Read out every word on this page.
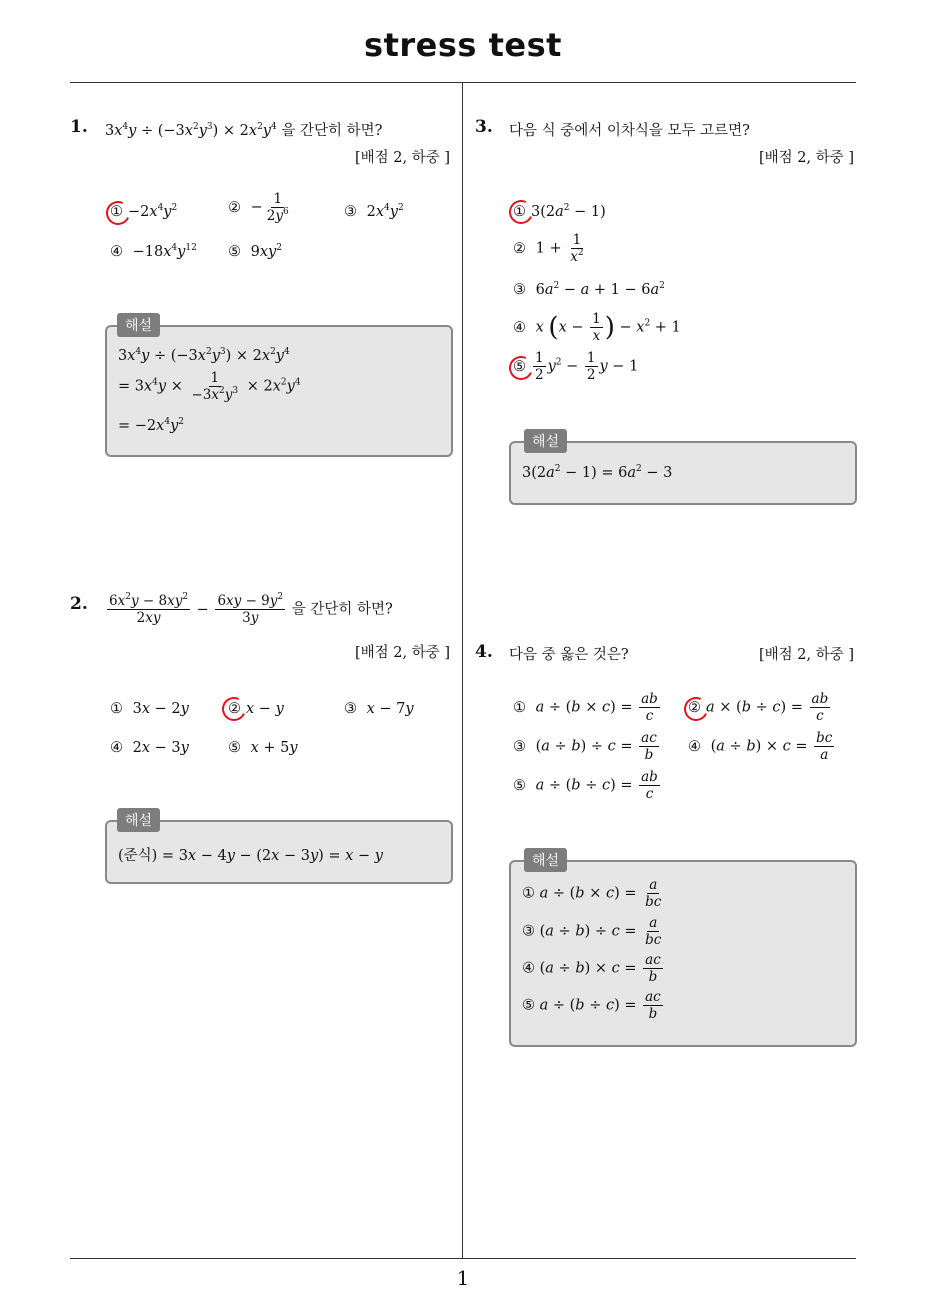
stress test
1
1. $3x^4y \div (-3x^2y^3) \times 2x^2y^4$ 을 간단히 하면?
[배점 2, 하중 ]
① $-2x^4y^2$	② − $\frac{1}{2y^6}$	③ $2x^4y^2$
④ $-18x^4y^{12}$ ⑤ $9xy^2$
해설
$3x^4y \div (-3x^2y^3) \times 2x^2y^4$
= $3x^4y \times \frac{1}{-3x^2y^3} \times 2x^2y^4$
= $-2x^4y^2$
2. $\frac{6x^2y - 8xy^2}{2xy} - \frac{6xy - 9y^2}{3y}$ 을 간단히 하면?
[배점 2, 하중 ]
① 3x − 2y	② x − y	③ x − 7y
④ 2x − 3y	⑤ x + 5y
해설
(준식) = 3x − 4y − (2x − 3y) = x − y
3. 다음 식 중에서 이차식을 모두 고르면?
[배점 2, 하중 ]
① $3(2a^2 - 1)$
② $1 + \frac{1}{x^2}$
③ $6a^2 - a + 1 - 6a^2$
④ x ($x - \frac{1}{x}$ ) − $x^2 + 1$
⑤ $\frac{1}{2} y^2 - \frac{1}{2}$ y − 1
해설
$3(2a^2 - 1) = 6a^2 - 3$
4. 다음 중 옳은 것은?	[배점 2, 하중 ]
① $a \div (b \times c) = \frac{ab}{c}$ ② $a \times (b \div c) = \frac{ab}{c}$
③ $(a \div b) \div c = \frac{ac}{b}$ ④ $(a \div b) \times c = \frac{bc}{a}$
⑤ $a \div (b \div c) = \frac{ab}{c}$
해설
① $a \div (b \times c) = \frac{a}{bc}$
③ $(a \div b) \div c = \frac{a}{bc}$
④ $(a \div b) \times c = \frac{ac}{b}$
⑤ $a \div (b \div c) = \frac{ac}{b}$
